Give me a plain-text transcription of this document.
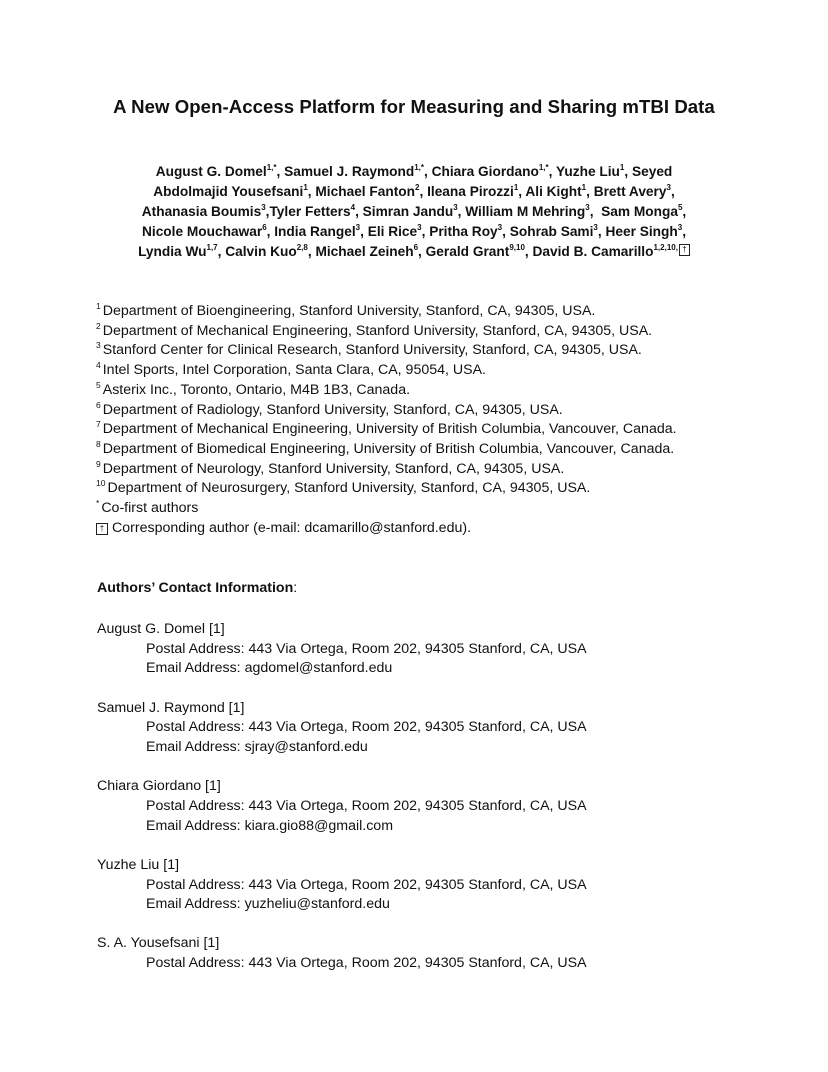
A New Open-Access Platform for Measuring and Sharing mTBI Data
August G. Domel$^{1,*}$, Samuel J. Raymond$^{1,*}$, Chiara Giordano$^{1,*}$, Yuzhe Liu$^1$, Seyed
Abdolmajid Yousefsani$^1$, Michael Fanton$^2$, Ileana Pirozzi$^1$, Ali Kight$^1$, Brett Avery$^3$,
Athanasia Boumis$^3$,Tyler Fetters$^4$, Simran Jandu$^3$, William M Mehring$^3$,  Sam Monga$^5$,
Nicole Mouchawar$^6$, India Rangel$^3$, Eli Rice$^3$, Pritha Roy$^3$, Sohrab Sami$^3$, Heer Singh$^3$,
Lyndia Wu$^{1,7}$, Calvin Kuo$^{2,8}$, Michael Zeineh$^6$, Gerald Grant$^{9,10}$, David B. Camarillo$^{1,2,10,}$ †
$^1$ Department of Bioengineering, Stanford University, Stanford, CA, 94305, USA.
$^2$ Department of Mechanical Engineering, Stanford University, Stanford, CA, 94305, USA.
$^3$ Stanford Center for Clinical Research, Stanford University, Stanford, CA, 94305, USA.
$^4$ Intel Sports, Intel Corporation, Santa Clara, CA, 95054, USA.
$^5$ Asterix Inc., Toronto, Ontario, M4B 1B3, Canada.
$^6$ Department of Radiology, Stanford University, Stanford, CA, 94305, USA.
$^7$ Department of Mechanical Engineering, University of British Columbia, Vancouver, Canada.
$^8$ Department of Biomedical Engineering, University of British Columbia, Vancouver, Canada.
$^9$ Department of Neurology, Stanford University, Stanford, CA, 94305, USA.
$^{10}$ Department of Neurosurgery, Stanford University, Stanford, CA, 94305, USA.
* Co-first authors
† Corresponding author (e-mail: dcamarillo@stanford.edu).
Authors’ Contact Information:
August G. Domel [1]
Postal Address: 443 Via Ortega, Room 202, 94305 Stanford, CA, USA
Email Address: agdomel@stanford.edu
Samuel J. Raymond [1]
Postal Address: 443 Via Ortega, Room 202, 94305 Stanford, CA, USA
Email Address: sjray@stanford.edu
Chiara Giordano [1]
Postal Address: 443 Via Ortega, Room 202, 94305 Stanford, CA, USA
Email Address: kiara.gio88@gmail.com
Yuzhe Liu [1]
Postal Address: 443 Via Ortega, Room 202, 94305 Stanford, CA, USA
Email Address: yuzheliu@stanford.edu
S. A. Yousefsani [1]
Postal Address: 443 Via Ortega, Room 202, 94305 Stanford, CA, USA
